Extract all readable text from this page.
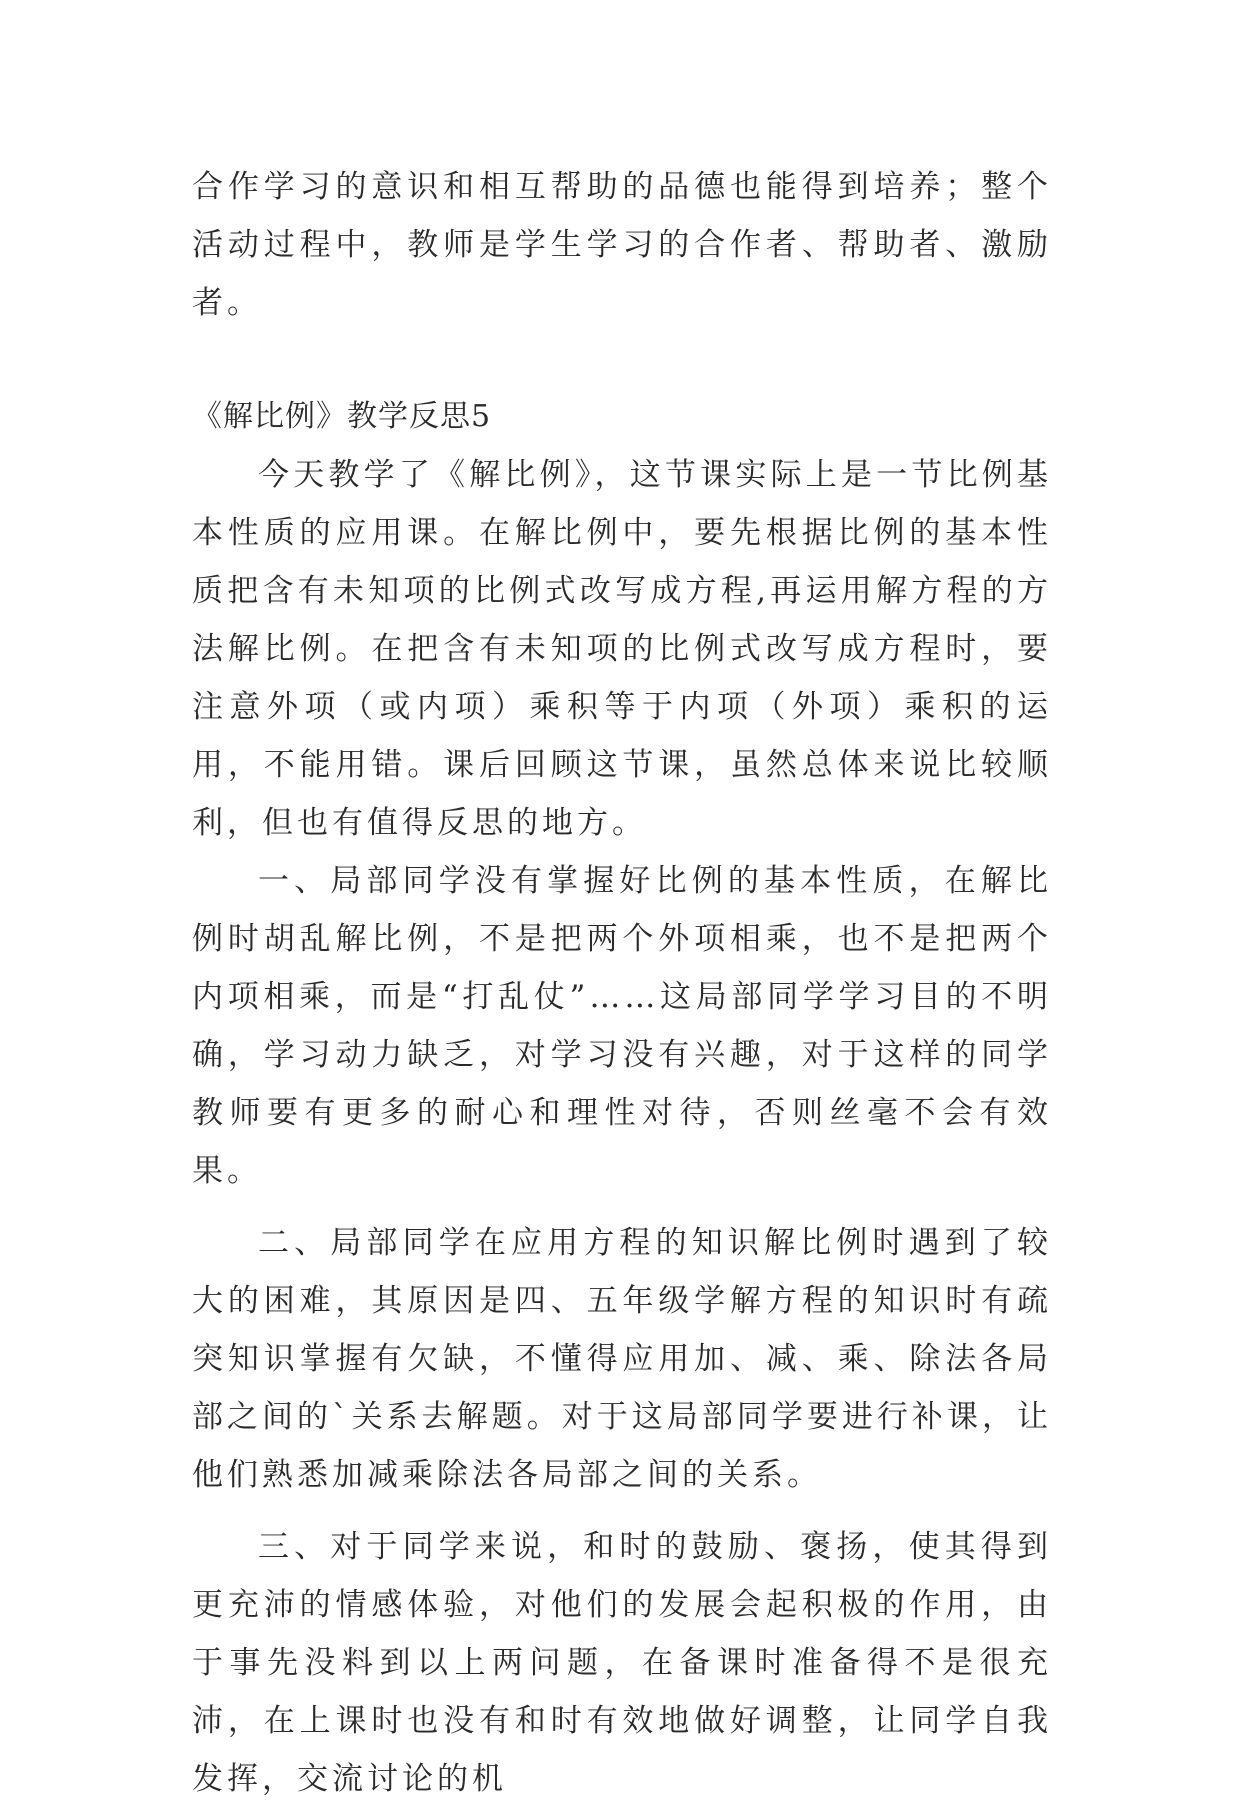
合作学习的意识和相互帮助的品德也能得到培养；整个活动过程中，教师是学生学习的合作者、帮助者、激励者。

《解比例》教学反思5

今天教学了《解比例》，这节课实际上是一节比例基本性质的应用课。在解比例中，要先根据比例的基本性质把含有未知项的比例式改写成方程,再运用解方程的方法解比例。在把含有未知项的比例式改写成方程时，要注意外项（或内项）乘积等于内项（外项）乘积的运用，不能用错。课后回顾这节课，虽然总体来说比较顺利，但也有值得反思的地方。

一、局部同学没有掌握好比例的基本性质，在解比例时胡乱解比例，不是把两个外项相乘，也不是把两个内项相乘，而是“打乱仗”……这局部同学学习目的不明确，学习动力缺乏，对学习没有兴趣，对于这样的同学教师要有更多的耐心和理性对待，否则丝毫不会有效果。

二、局部同学在应用方程的知识解比例时遇到了较大的困难，其原因是四、五年级学解方程的知识时有疏突知识掌握有欠缺，不懂得应用加、减、乘、除法各局部之间的`关系去解题。对于这局部同学要进行补课，让他们熟悉加减乘除法各局部之间的关系。

三、对于同学来说，和时的鼓励、褒扬，使其得到更充沛的情感体验，对他们的发展会起积极的作用，由于事先没料到以上两问题，在备课时准备得不是很充沛，在上课时也没有和时有效地做好调整，让同学自我发挥，交流讨论的机
